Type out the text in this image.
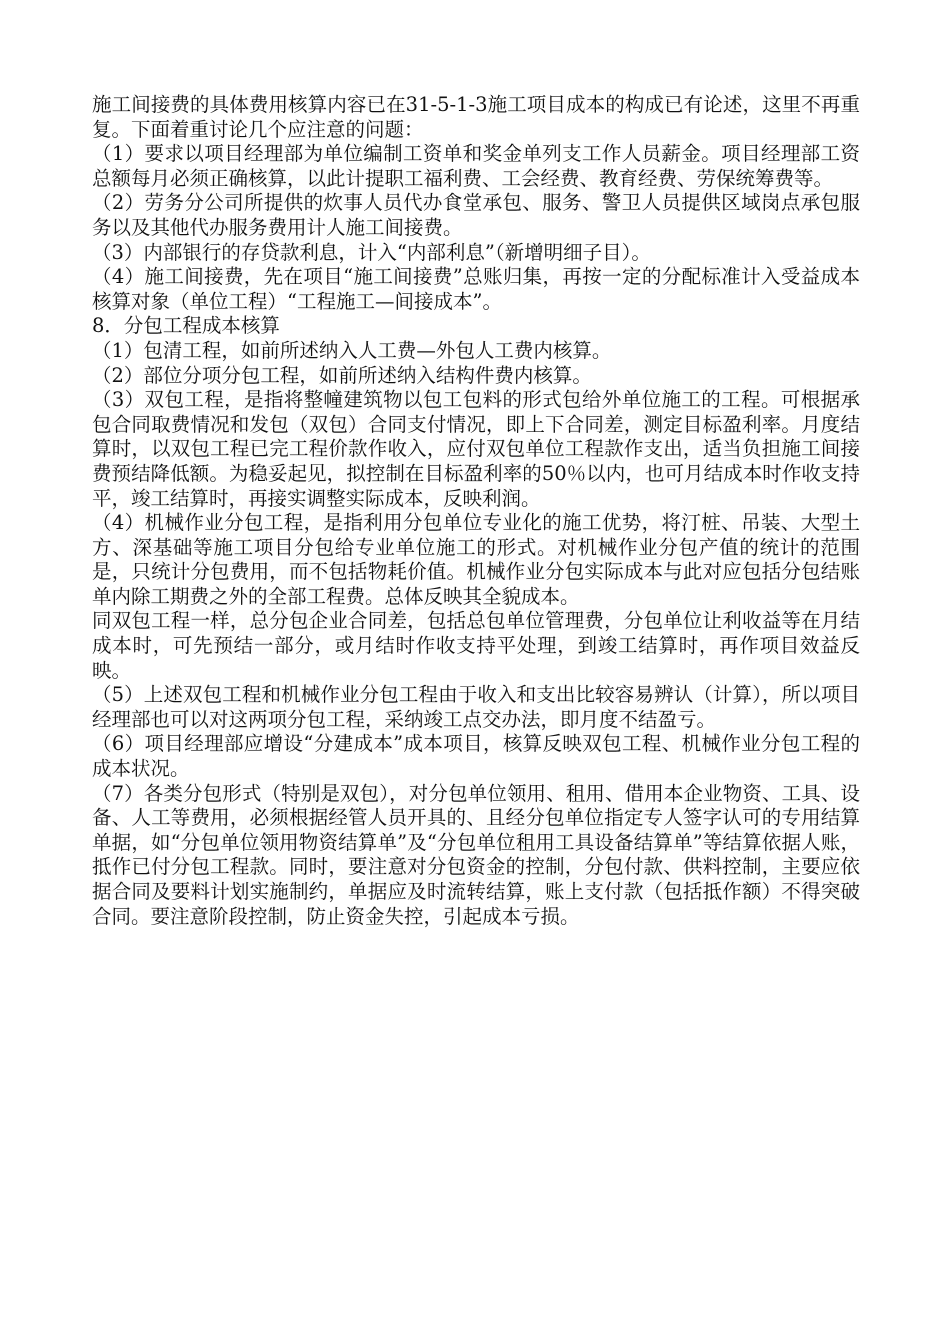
施工间接费的具体费用核算内容已在31-5-1-3施工项目成本的构成已有论述，这里不再重复。下面着重讨论几个应注意的问题：

（1）要求以项目经理部为单位编制工资单和奖金单列支工作人员薪金。项目经理部工资总额每月必须正确核算，以此计提职工福利费、工会经费、教育经费、劳保统筹费等。

（2）劳务分公司所提供的炊事人员代办食堂承包、服务、警卫人员提供区域岗点承包服务以及其他代办服务费用计人施工间接费。

（3）内部银行的存贷款利息，计入“内部利息”（新增明细子目）。

（4）施工间接费，先在项目“施工间接费”总账归集，再按一定的分配标准计入受益成本核算对象（单位工程）“工程施工—间接成本”。

8．分包工程成本核算

（1）包清工程，如前所述纳入人工费—外包人工费内核算。

（2）部位分项分包工程，如前所述纳入结构件费内核算。

（3）双包工程，是指将整幢建筑物以包工包料的形式包给外单位施工的工程。可根据承包合同取费情况和发包（双包）合同支付情况，即上下合同差，测定目标盈利率。月度结算时，以双包工程已完工程价款作收入，应付双包单位工程款作支出，适当负担施工间接费预结降低额。为稳妥起见，拟控制在目标盈利率的50％以内，也可月结成本时作收支持平，竣工结算时，再接实调整实际成本，反映利润。

（4）机械作业分包工程，是指利用分包单位专业化的施工优势，将汀桩、吊装、大型土方、深基础等施工项目分包给专业单位施工的形式。对机械作业分包产值的统计的范围是，只统计分包费用，而不包括物耗价值。机械作业分包实际成本与此对应包括分包结账单内除工期费之外的全部工程费。总体反映其全貌成本。

同双包工程一样，总分包企业合同差，包括总包单位管理费，分包单位让利收益等在月结成本时，可先预结一部分，或月结时作收支持平处理，到竣工结算时，再作项目效益反映。

（5）上述双包工程和机械作业分包工程由于收入和支出比较容易辨认（计算），所以项目经理部也可以对这两项分包工程，采纳竣工点交办法，即月度不结盈亏。

（6）项目经理部应增设“分建成本”成本项目，核算反映双包工程、机械作业分包工程的成本状况。

（7）各类分包形式（特别是双包），对分包单位领用、租用、借用本企业物资、工具、设备、人工等费用，必须根据经管人员开具的、且经分包单位指定专人签字认可的专用结算单据，如“分包单位领用物资结算单”及“分包单位租用工具设备结算单”等结算依据人账，抵作已付分包工程款。同时，要注意对分包资金的控制，分包付款、供料控制，主要应依据合同及要料计划实施制约，单据应及时流转结算，账上支付款（包括抵作额）不得突破合同。要注意阶段控制，防止资金失控，引起成本亏损。
